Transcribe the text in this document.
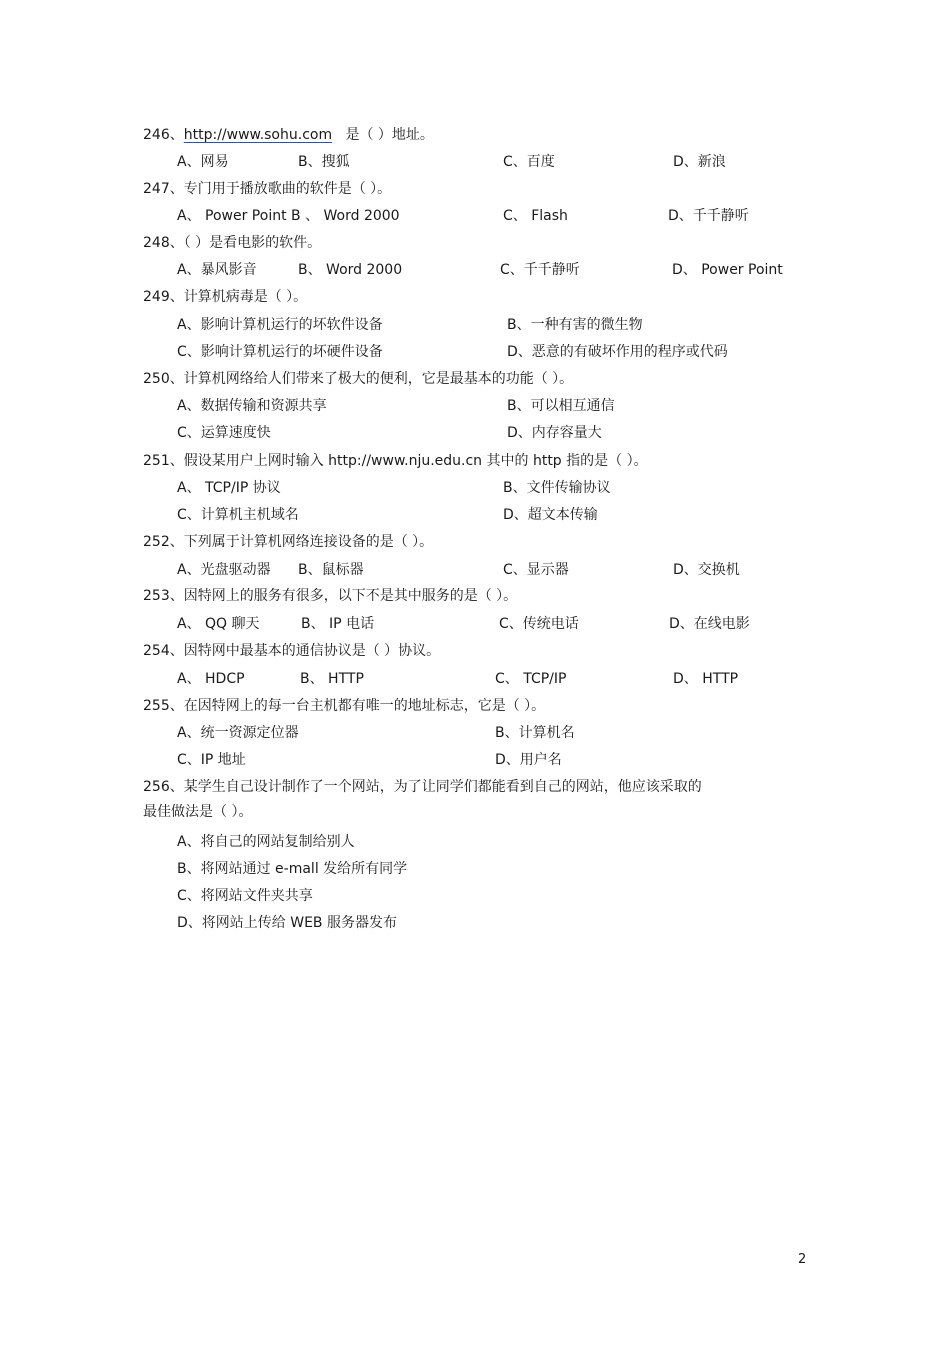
246、http://www.sohu.com 是（ ）地址。
A、网易	B、搜狐	C、百度	D、新浪
247、专门用于播放歌曲的软件是（ ）。
A、 Power Point B 、 Word 2000	C、 Flash	D、千千静听
248、（ ）是看电影的软件。
A、暴风影音	B、 Word 2000	C、千千静听	D、 Power Point
249、计算机病毒是（ ）。
A、影响计算机运行的坏软件设备	B、一种有害的微生物
C、影响计算机运行的坏硬件设备	D、恶意的有破坏作用的程序或代码
250、计算机网络给人们带来了极大的便利，它是最基本的功能（ ）。
A、数据传输和资源共享	B、可以相互通信
C、运算速度快	D、内存容量大
251、假设某用户上网时输入 http://www.nju.edu.cn 其中的 http 指的是（ ）。
A、 TCP/IP 协议	B、文件传输协议
C、计算机主机域名	D、超文本传输
252、下列属于计算机网络连接设备的是（ ）。
A、光盘驱动器 B、鼠标器	C、显示器	D、交换机
253、因特网上的服务有很多，以下不是其中服务的是（ ）。
A、 QQ 聊天	B、 IP 电话	C、传统电话	D、在线电影
254、因特网中最基本的通信协议是（ ）协议。
A、 HDCP	B、 HTTP	C、 TCP/IP	D、 HTTP
255、在因特网上的每一台主机都有唯一的地址标志，它是（ ）。
A、统一资源定位器	B、计算机名
C、IP 地址	D、用户名
256、某学生自己设计制作了一个网站，为了让同学们都能看到自己的网站，他应该采取的
最佳做法是（ ）。
A、将自己的网站复制给别人
B、将网站通过 e-mall 发给所有同学
C、将网站文件夹共享
D、将网站上传给 WEB 服务器发布
2
